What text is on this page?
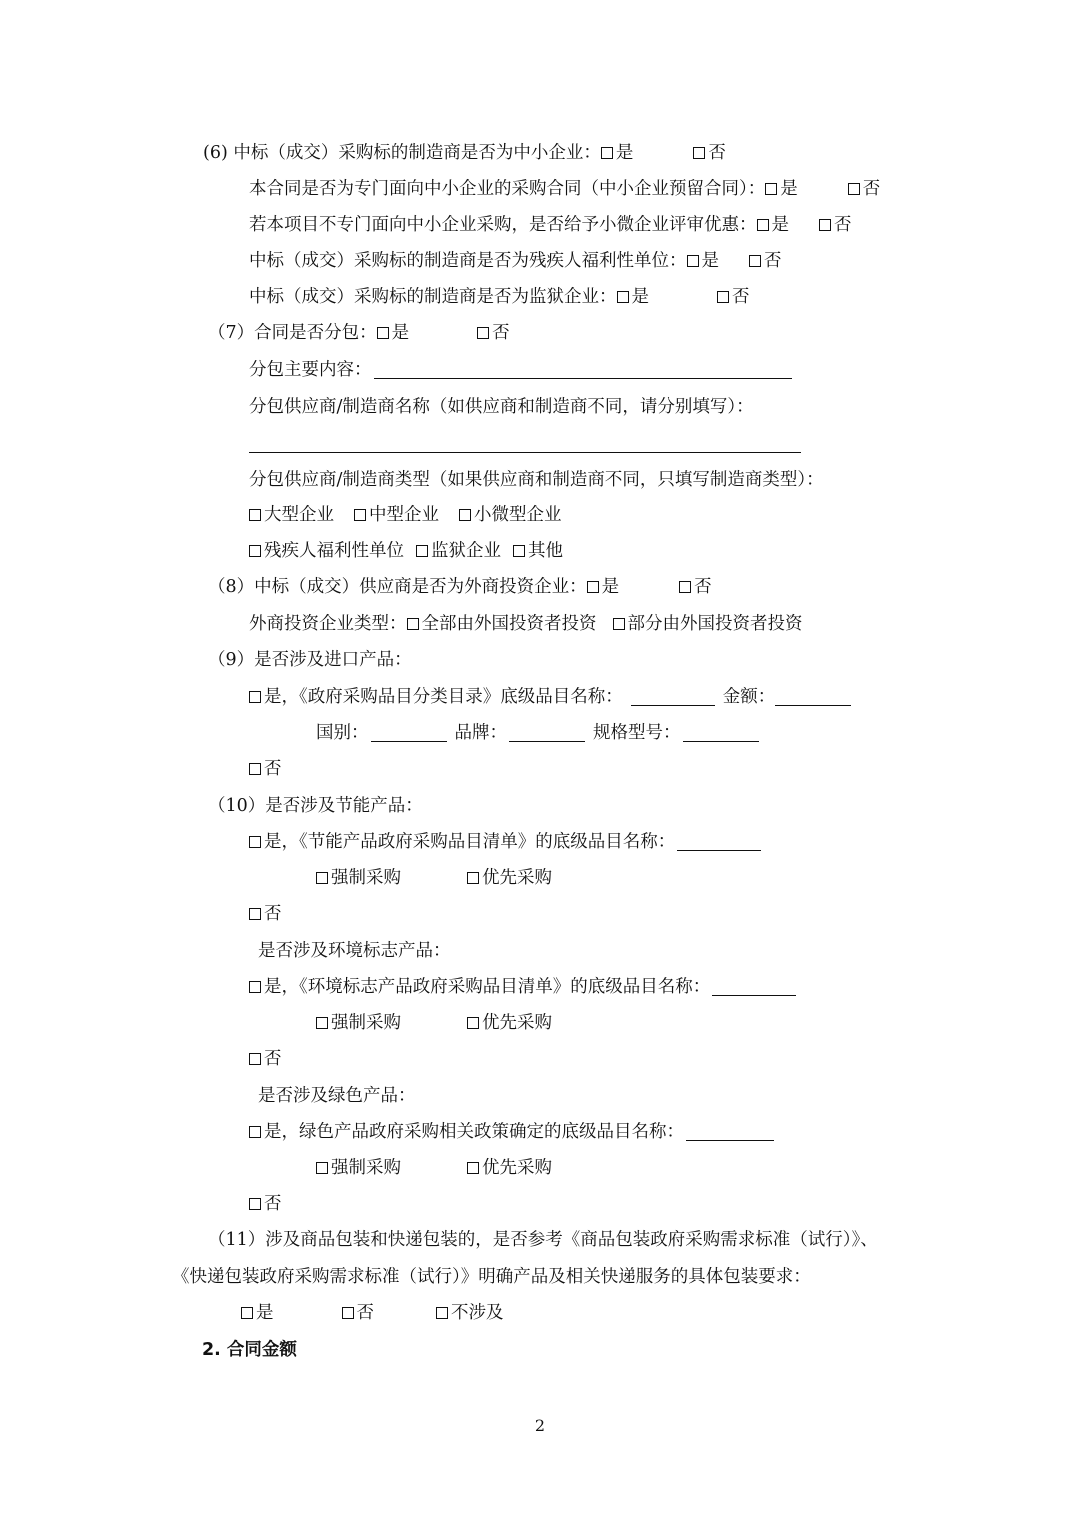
(6) 中标（成交）采购标的制造商是否为中小企业： 是	否
本合同是否为专门面向中小企业的采购合同（中小企业预留合同）： 是	否
若本项目不专门面向中小企业采购，是否给予小微企业评审优惠： 是	否
中标（成交）采购标的制造商是否为残疾人福利性单位： 是	否
中标（成交）采购标的制造商是否为监狱企业： 是	否
（7）合同是否分包： 是	否
分包主要内容：
分包供应商/制造商名称（如供应商和制造商不同，请分别填写）：
分包供应商/制造商类型（如果供应商和制造商不同，只填写制造商类型）：
大型企业 中型企业 小微型企业
残疾人福利性单位 监狱企业 其他
（8）中标（成交）供应商是否为外商投资企业： 是	否
外商投资企业类型： 全部由外国投资者投资 部分由外国投资者投资
（9）是否涉及进口产品：
是，《政府采购品目分类目录》底级品目名称：	金额：
国别：	品牌：	规格型号：
否
（10）是否涉及节能产品：
是，《节能产品政府采购品目清单》的底级品目名称：
强制采购	优先采购
否
是否涉及环境标志产品：
是，《环境标志产品政府采购品目清单》的底级品目名称：
强制采购	优先采购
否
是否涉及绿色产品：
是，绿色产品政府采购相关政策确定的底级品目名称：
强制采购	优先采购
否
（11）涉及商品包装和快递包装的，是否参考《商品包装政府采购需求标准（试行）》、
《快递包装政府采购需求标准（试行）》明确产品及相关快递服务的具体包装要求：
是	否	不涉及
2. 合同金额
2
